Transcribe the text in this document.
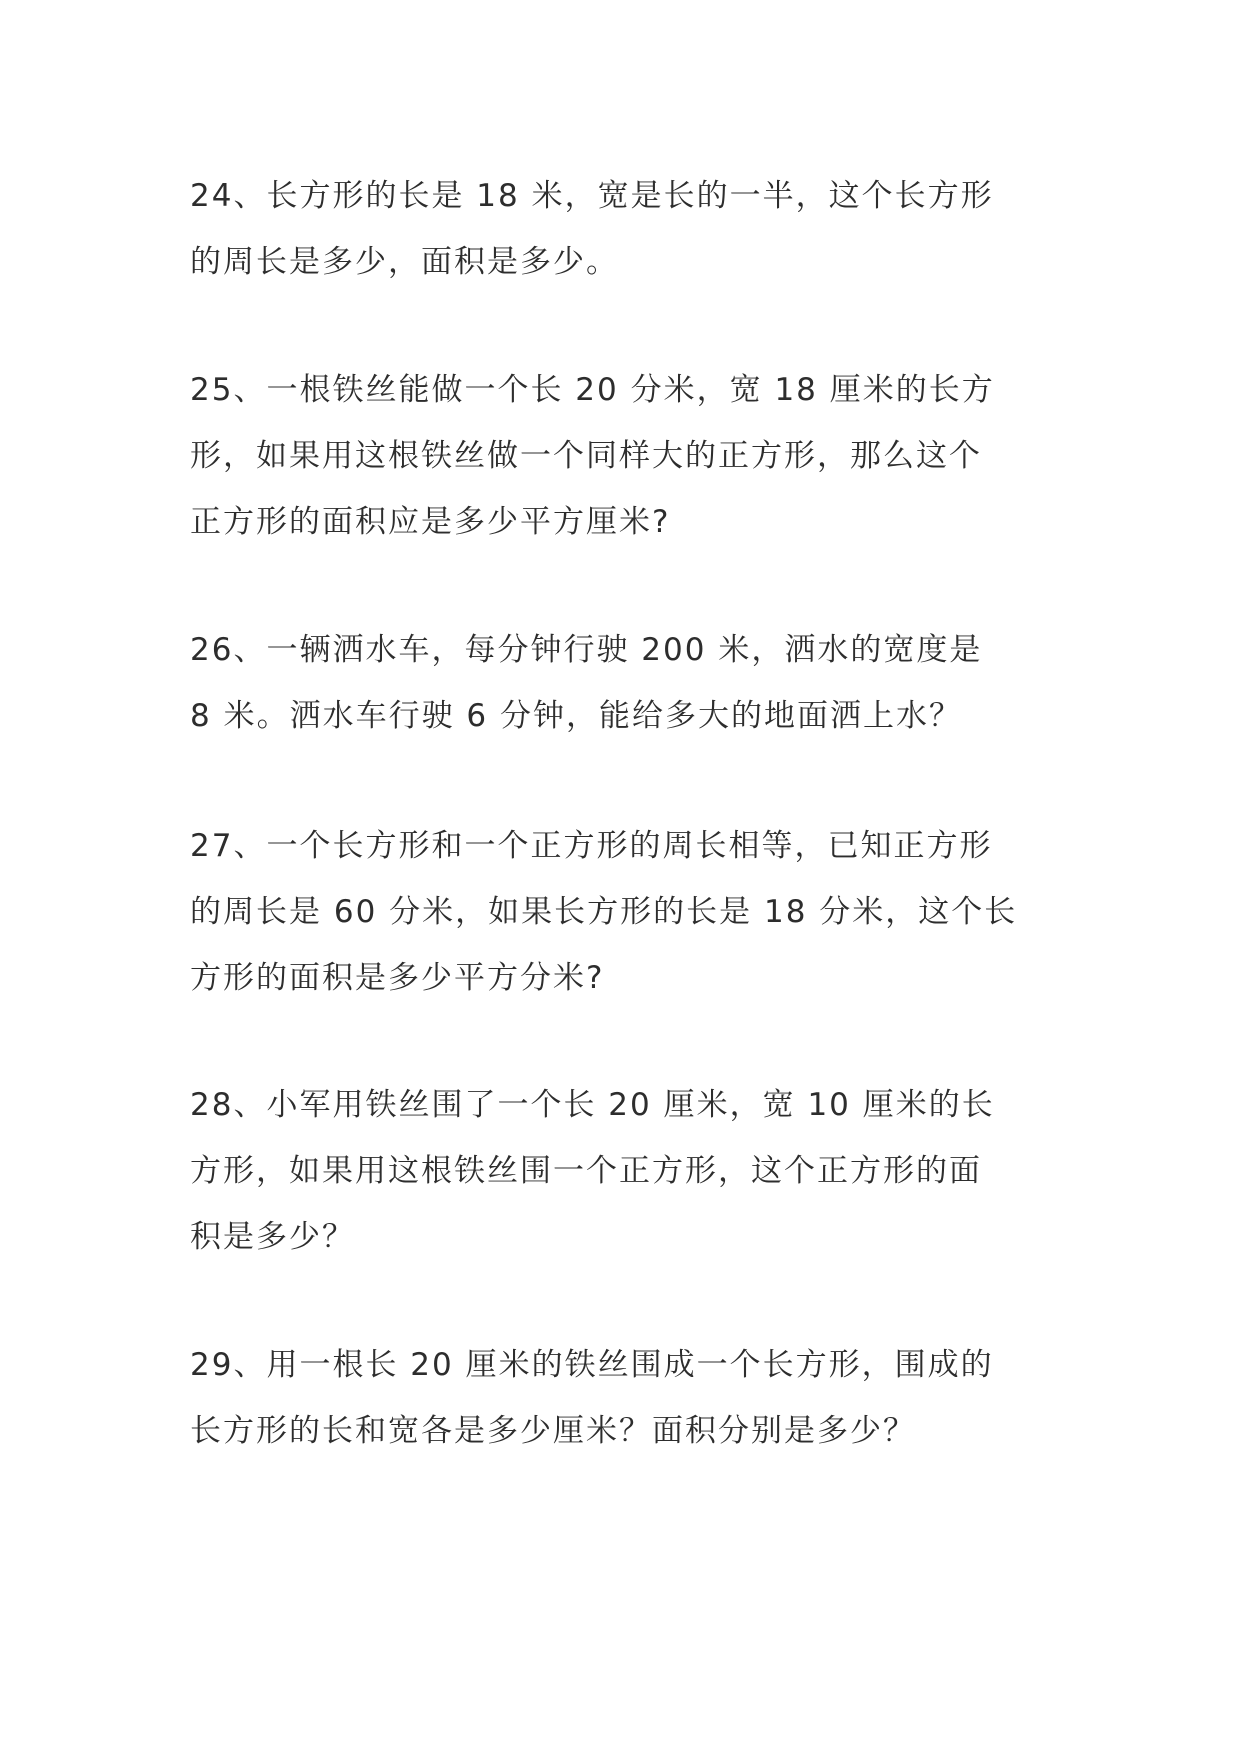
24、长方形的长是 18 米，宽是长的一半，这个长方形
的周长是多少，面积是多少。
25、一根铁丝能做一个长 20 分米，宽 18 厘米的长方
形，如果用这根铁丝做一个同样大的正方形，那么这个
正方形的面积应是多少平方厘米?
26、一辆洒水车，每分钟行驶 200 米，洒水的宽度是
8 米。洒水车行驶 6 分钟，能给多大的地面洒上水？
27、一个长方形和一个正方形的周长相等，已知正方形
的周长是 60 分米，如果长方形的长是 18 分米，这个长
方形的面积是多少平方分米?
28、小军用铁丝围了一个长 20 厘米，宽 10 厘米的长
方形，如果用这根铁丝围一个正方形，这个正方形的面
积是多少？
29、用一根长 20 厘米的铁丝围成一个长方形，围成的
长方形的长和宽各是多少厘米？面积分别是多少？
